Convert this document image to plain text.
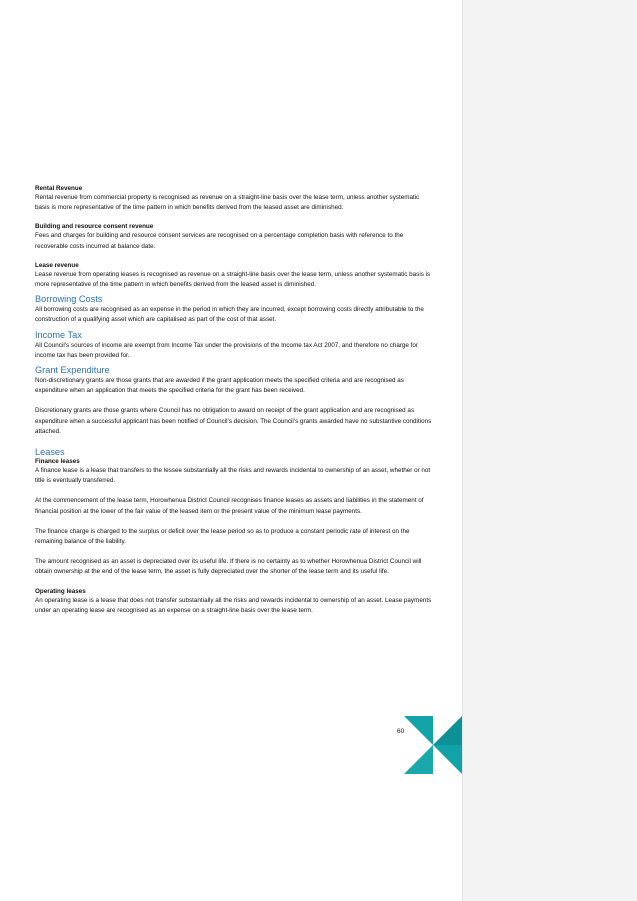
Rental Revenue

Rental revenue from commercial property is recognised as revenue on a straight-line basis over the lease term, unless another systematic basis is more representative of the time pattern in which benefits derived from the leased asset are diminished.

Building and resource consent revenue

Fees and charges for building and resource consent services are recognised on a percentage completion basis with reference to the recoverable costs incurred at balance date.

Lease revenue

Lease revenue from operating leases is recognised as revenue on a straight-line basis over the lease term, unless another systematic basis is more representative of the time pattern in which benefits derived from the leased asset is diminished.

Borrowing Costs

All borrowing costs are recognised as an expense in the period in which they are incurred, except borrowing costs directly attributable to the construction of a qualifying asset which are capitalised as part of the cost of that asset.

Income Tax

All Council’s sources of income are exempt from Income Tax under the provisions of the Income tax Act 2007, and therefore no charge for income tax has been provided for.

Grant Expenditure

Non-discretionary grants are those grants that are awarded if the grant application meets the specified criteria and are recognised as expenditure when an application that meets the specified criteria for the grant has been received.

Discretionary grants are those grants where Council has no obligation to award on receipt of the grant application and are recognised as expenditure when a successful applicant has been notified of Council’s decision. The Council’s grants awarded have no substantive conditions attached.

Leases
Finance leases

A finance lease is a lease that transfers to the lessee substantially all the risks and rewards incidental to ownership of an asset, whether or not title is eventually transferred.

At the commencement of the lease term, Horowhenua District Council recognises finance leases as assets and liabilities in the statement of financial position at the lower of the fair value of the leased item or the present value of the minimum lease payments.

The finance charge is charged to the surplus or deficit over the lease period so as to produce a constant periodic rate of interest on the remaining balance of the liability.

The amount recognised as an asset is depreciated over its useful life. If there is no certainty as to whether Horowhenua District Council will obtain ownership at the end of the lease term, the asset is fully depreciated over the shorter of the lease term and its useful life.

Operating leases

An operating lease is a lease that does not transfer substantially all the risks and rewards incidental to ownership of an asset. Lease payments under an operating lease are recognised as an expense on a straight-line basis over the lease term.

60
